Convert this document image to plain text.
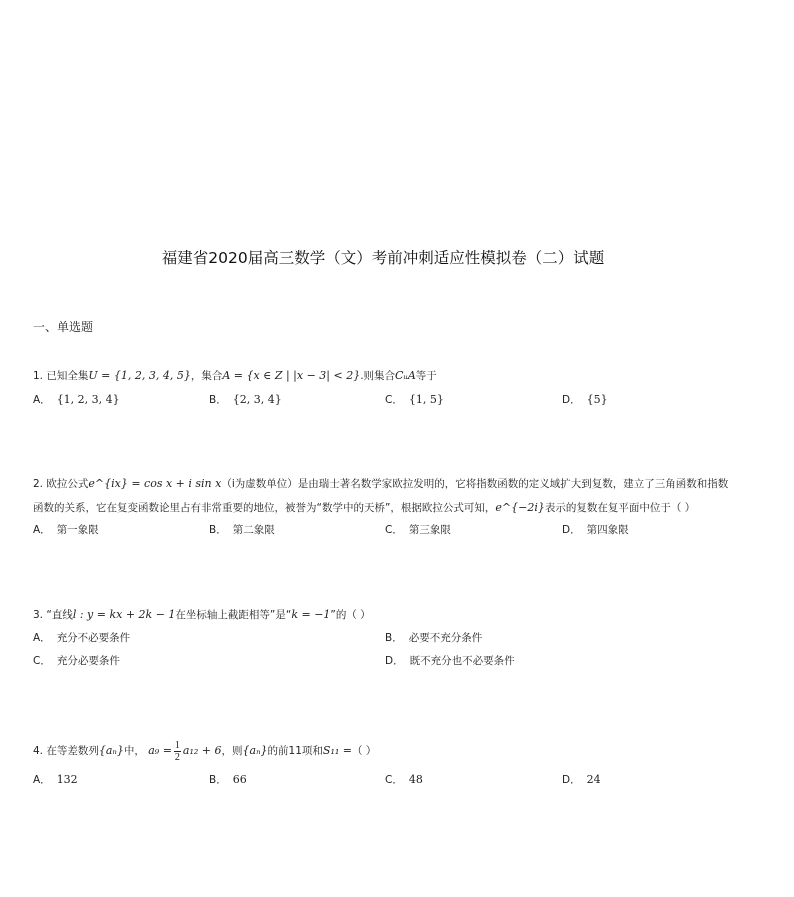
福建省2020届高三数学（文）考前冲刺适应性模拟卷（二）试题
一、单选题
1. 已知全集U = {1, 2, 3, 4, 5}，集合A = {x ∈ Z | |x − 3| < 2}.则集合CᵤA等于
A． {1, 2, 3, 4}	B． {2, 3, 4}	C． {1, 5}	D． {5}
2. 欧拉公式e^{ix} = cos x + i sin x（i为虚数单位）是由瑞士著名数学家欧拉发明的，它将指数函数的定义域扩大到复数，建立了三角函数和指数
函数的关系，它在复变函数论里占有非常重要的地位，被誉为“数学中的天桥”，根据欧拉公式可知，e^{−2i}表示的复数在复平面中位于（ ）
A． 第一象限	B． 第二象限	C． 第三象限	D． 第四象限
3. “直线l : y = kx + 2k − 1在坐标轴上截距相等”是“k = −1”的（ ）
A． 充分不必要条件	B． 必要不充分条件
C． 充分必要条件	D． 既不充分也不必要条件
4. 在等差数列{aₙ}中， $a_9 = \frac{1}{2} a_{12} + 6$，则{aₙ}的前11项和S₁₁ =（ ）
A． 132	B． 66	C． 48	D． 24
